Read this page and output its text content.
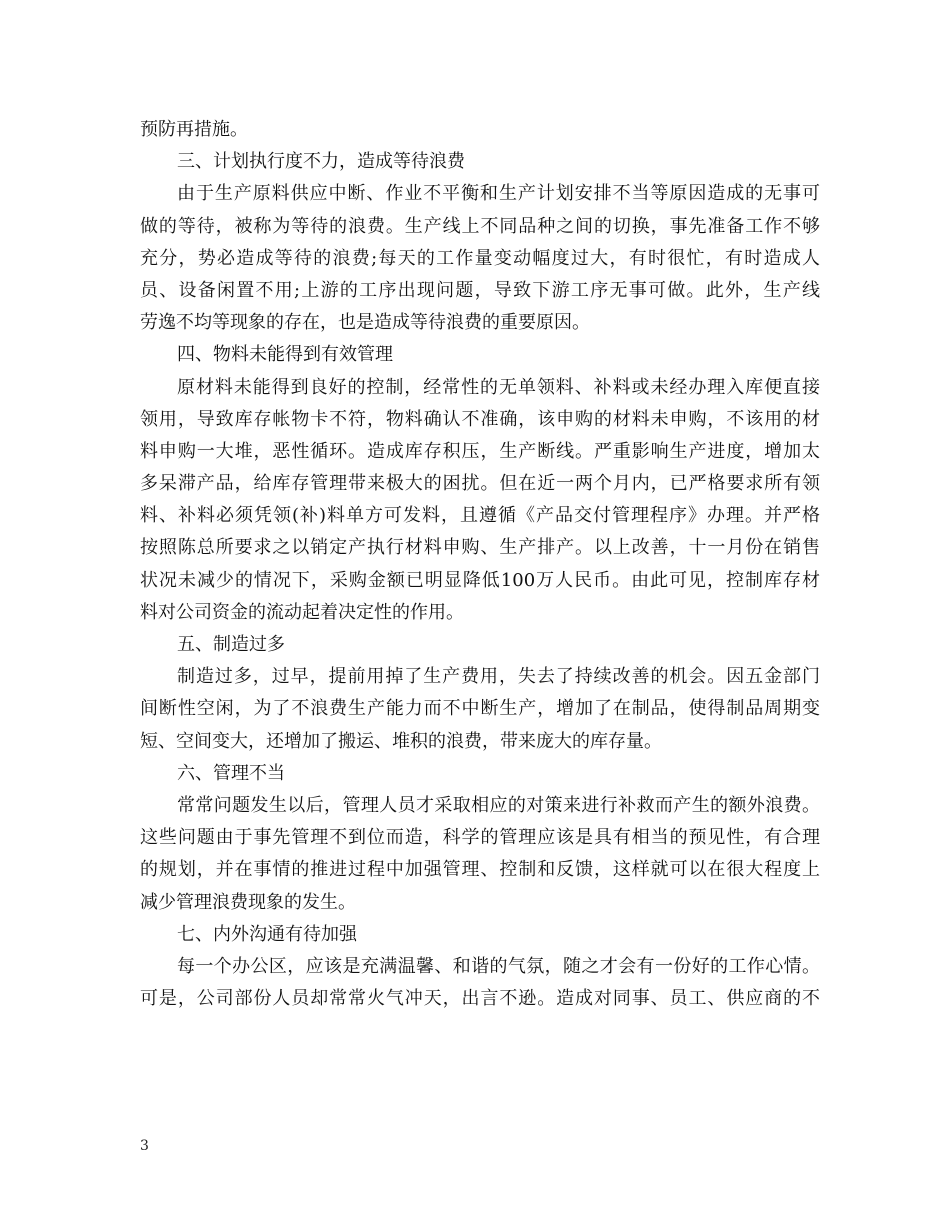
预防再措施。
三、计划执行度不力，造成等待浪费
由于生产原料供应中断、作业不平衡和生产计划安排不当等原因造成的无事可
做的等待，被称为等待的浪费。生产线上不同品种之间的切换，事先准备工作不够
充分，势必造成等待的浪费;每天的工作量变动幅度过大，有时很忙，有时造成人
员、设备闲置不用;上游的工序出现问题，导致下游工序无事可做。此外，生产线
劳逸不均等现象的存在，也是造成等待浪费的重要原因。
四、物料未能得到有效管理
原材料未能得到良好的控制，经常性的无单领料、补料或未经办理入库便直接
领用，导致库存帐物卡不符，物料确认不准确，该申购的材料未申购，不该用的材
料申购一大堆，恶性循环。造成库存积压，生产断线。严重影响生产进度，增加太
多呆滞产品，给库存管理带来极大的困扰。但在近一两个月内，已严格要求所有领
料、补料必须凭领(补)料单方可发料，且遵循《产品交付管理程序》办理。并严格
按照陈总所要求之以销定产执行材料申购、生产排产。以上改善，十一月份在销售
状况未减少的情况下，采购金额已明显降低100万人民币。由此可见，控制库存材
料对公司资金的流动起着决定性的作用。
五、制造过多
制造过多，过早，提前用掉了生产费用，失去了持续改善的机会。因五金部门
间断性空闲，为了不浪费生产能力而不中断生产，增加了在制品，使得制品周期变
短、空间变大，还增加了搬运、堆积的浪费，带来庞大的库存量。
六、管理不当
常常问题发生以后，管理人员才采取相应的对策来进行补救而产生的额外浪费。
这些问题由于事先管理不到位而造，科学的管理应该是具有相当的预见性，有合理
的规划，并在事情的推进过程中加强管理、控制和反馈，这样就可以在很大程度上
减少管理浪费现象的发生。
七、内外沟通有待加强
每一个办公区，应该是充满温馨、和谐的气氛，随之才会有一份好的工作心情。
可是，公司部份人员却常常火气冲天，出言不逊。造成对同事、员工、供应商的不
3
